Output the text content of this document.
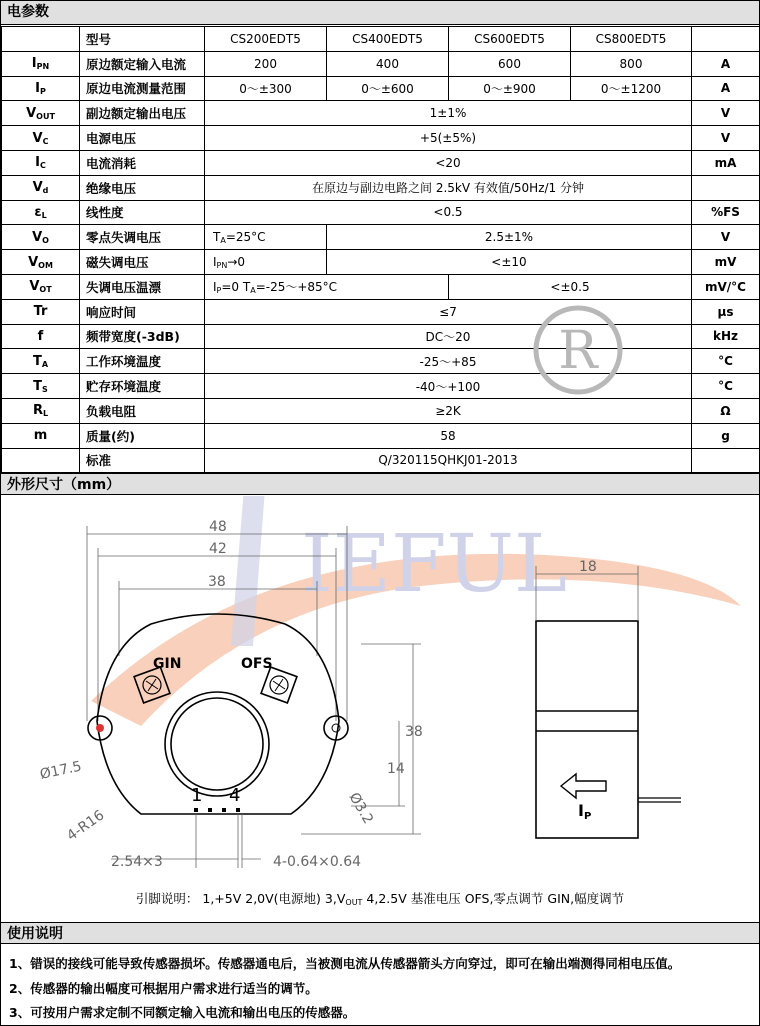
电参数
	型号	CS200EDT5	CS400EDT5	CS600EDT5	CS800EDT5	
$I_{PN}$	原边额定输入电流	200	400	600	800	A
$I_P$	原边电流测量范围	0～±300	0～±600	0～±900	0～±1200	A
$V_{OUT}$	副边额定输出电压	1±1%				V
$V_C$	电源电压	+5(±5%)				V
$I_C$	电流消耗	<20				mA
$V_d$	绝缘电压	在原边与副边电路之间 2.5kV 有效值/50Hz/1 分钟				
$\varepsilon_L$	线性度	<0.5				%FS
$V_O$	零点失调电压	$T_A=25^\circ C$	2.5±1%			V
$V_{OM}$	磁失调电压	$I_{PN}\to 0$	<±10			mV
$V_{OT}$	失调电压温漂	$I_P=0$ $T_A=-25\sim+85^\circ C$		<±0.5		mV/°C
Tr	响应时间	≤7				μs
f	频带宽度(-3dB)	DC～20				kHz
$T_A$	工作环境温度	-25～+85				°C
$T_S$	贮存环境温度	-40～+100				°C
$R_L$	负载电阻	≥2K				Ω
m	质量(约)	58				g
	标准	Q/320115QHKJ01-2013				
外形尺寸（mm）
IEFUL
48
42
38
GIN	OFS
1 4
Ø17.5
Ø3.2
4-R16
38
14
2.54×3	4-0.64×0.64
18
IP
引脚说明： 1,+5V 2,0V(电源地) $3,V_{OUT}$ 4,2.5V 基准电压 OFS,零点调节 GIN,幅度调节
使用说明
1、错误的接线可能导致传感器损坏。传感器通电后，当被测电流从传感器箭头方向穿过，即可在输出端测得同相电压值。
2、传感器的输出幅度可根据用户需求进行适当的调节。
3、可按用户需求定制不同额定输入电流和输出电压的传感器。
R
